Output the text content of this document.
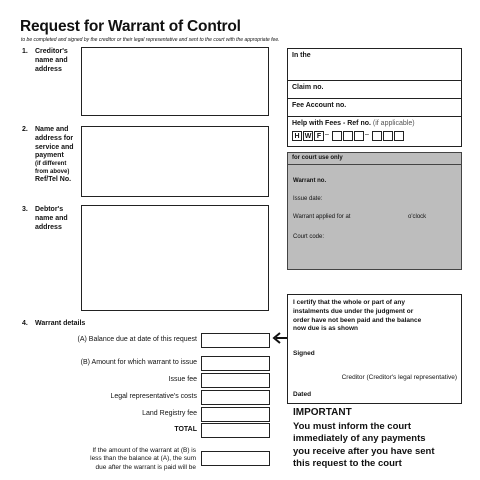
Request for Warrant of Control
to be completed and signed by the creditor or their legal representative and sent to the court with the appropriate fee.
1. Creditor's
name and
address
2. Name and
address for
service and
payment
(if different
from above)
Ref/Tel No.
3. Debtor's
name and
address
In the
Claim no.
Fee Account no.
Help with Fees - Ref no. (if applicable)
H W F –	–
for court use only
Warrant no.
Issue date:
Warrant applied for at	o'clock
Court code:
I certify that the whole or part of any
instalments due under the judgment or
order have not been paid and the balance
now due is as shown
Signed
Creditor (Creditor's legal representative)
Dated
IMPORTANT
You must inform the court
immediately of any payments
you receive after you have sent
this request to the court
4. Warrant details
(A) Balance due at date of this request
(B) Amount for which warrant to issue
Issue fee
Legal representative's costs
Land Registry fee
TOTAL
If the amount of the warrant at (B) is
less than the balance at (A), the sum
due after the warrant is paid will be
